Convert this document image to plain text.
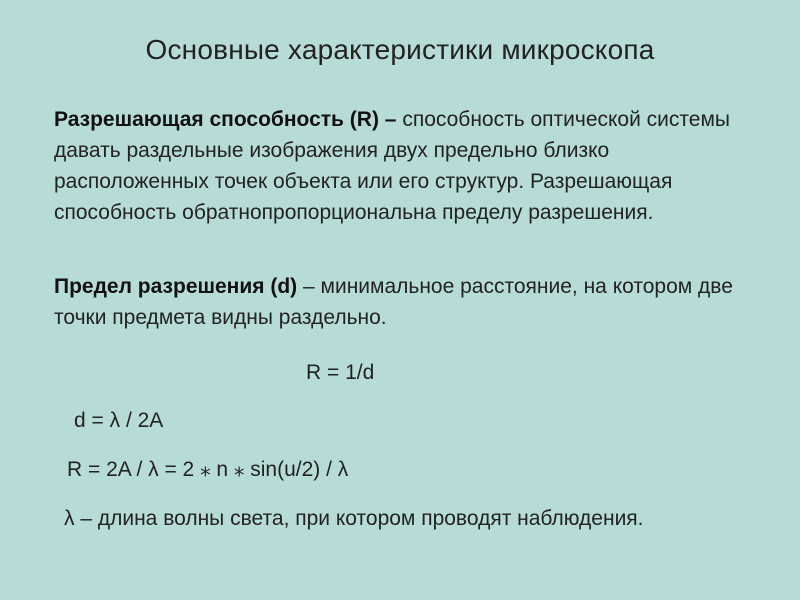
Основные характеристики микроскопа
Разрешающая способность (R) – способность оптической системы давать раздельные изображения двух предельно близко расположенных точек объекта или его структур. Разрешающая способность обратнопропорциональна пределу разрешения.
Предел разрешения (d) – минимальное расстояние, на котором две точки предмета видны раздельно.
R = 1/d
d = λ / 2A
R = 2A / λ = 2 ⁎ n ⁎ sin(u/2) / λ
λ – длина волны света, при котором проводят наблюдения.
